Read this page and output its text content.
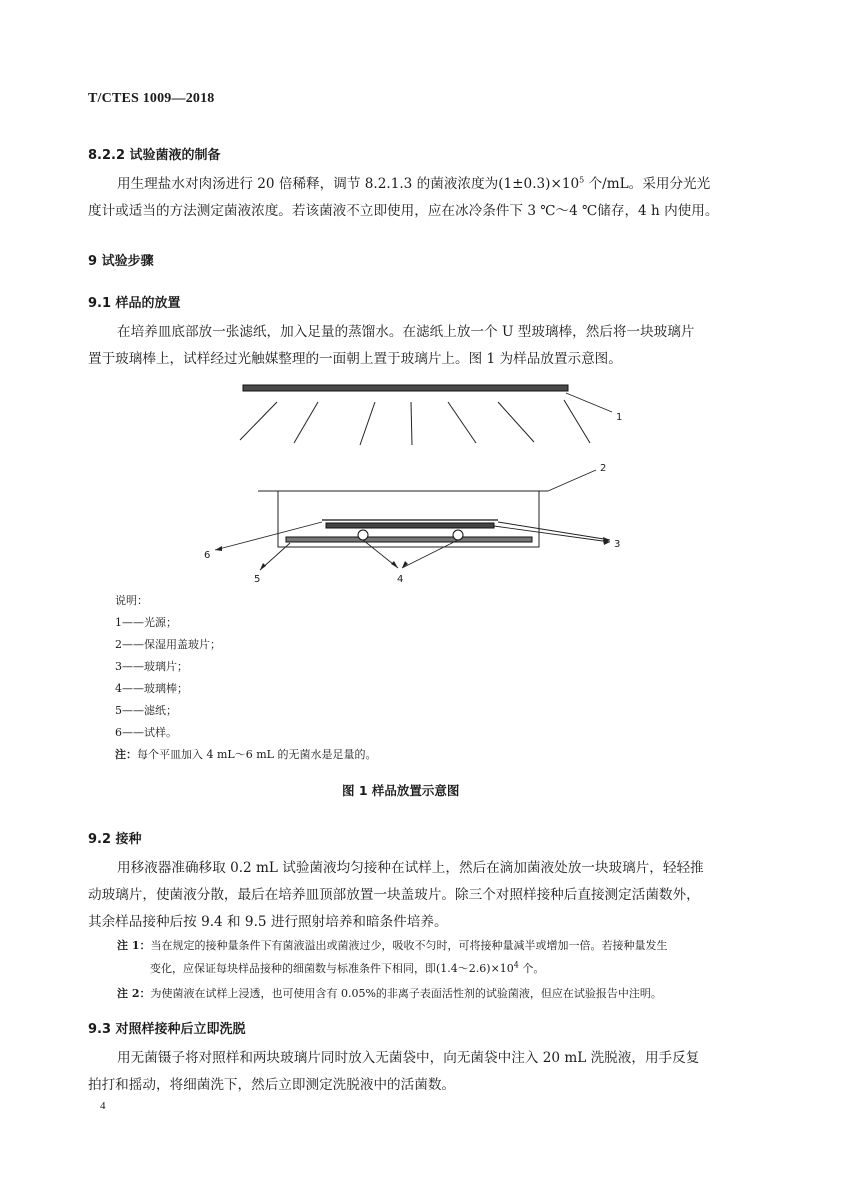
T/CTES 1009—2018
8.2.2 试验菌液的制备
用生理盐水对肉汤进行 20 倍稀释，调节 8.2.1.3 的菌液浓度为$(1\pm 0.3)\times 10^5$ 个/mL。采用分光光
度计或适当的方法测定菌液浓度。若该菌液不立即使用，应在冰冷条件下 3 ℃～4 ℃储存，4 h 内使用。
9 试验步骤
9.1 样品的放置
在培养皿底部放一张滤纸，加入足量的蒸馏水。在滤纸上放一个 U 型玻璃棒，然后将一块玻璃片
置于玻璃棒上，试样经过光触媒整理的一面朝上置于玻璃片上。图 1 为样品放置示意图。
1
2
3
4
5
6
说明：
1——光源；
2——保湿用盖玻片；
3——玻璃片；
4——玻璃棒；
5——滤纸；
6——试样。
注：每个平皿加入 4 mL～6 mL 的无菌水是足量的。
图 1 样品放置示意图
9.2 接种
用移液器准确移取 0.2 mL 试验菌液均匀接种在试样上，然后在滴加菌液处放一块玻璃片，轻轻推
动玻璃片，使菌液分散，最后在培养皿顶部放置一块盖玻片。除三个对照样接种后直接测定活菌数外，
其余样品接种后按 9.4 和 9.5 进行照射培养和暗条件培养。
注 1：当在规定的接种量条件下有菌液溢出或菌液过少，吸收不匀时，可将接种量减半或增加一倍。若接种量发生
变化，应保证每块样品接种的细菌数与标准条件下相同，即$(1.4\sim 2.6)\times 10^4$ 个。
注 2：为使菌液在试样上浸透，也可使用含有 0.05%的非离子表面活性剂的试验菌液，但应在试验报告中注明。
9.3 对照样接种后立即洗脱
用无菌镊子将对照样和两块玻璃片同时放入无菌袋中，向无菌袋中注入 20 mL 洗脱液，用手反复
拍打和摇动，将细菌洗下，然后立即测定洗脱液中的活菌数。
4
